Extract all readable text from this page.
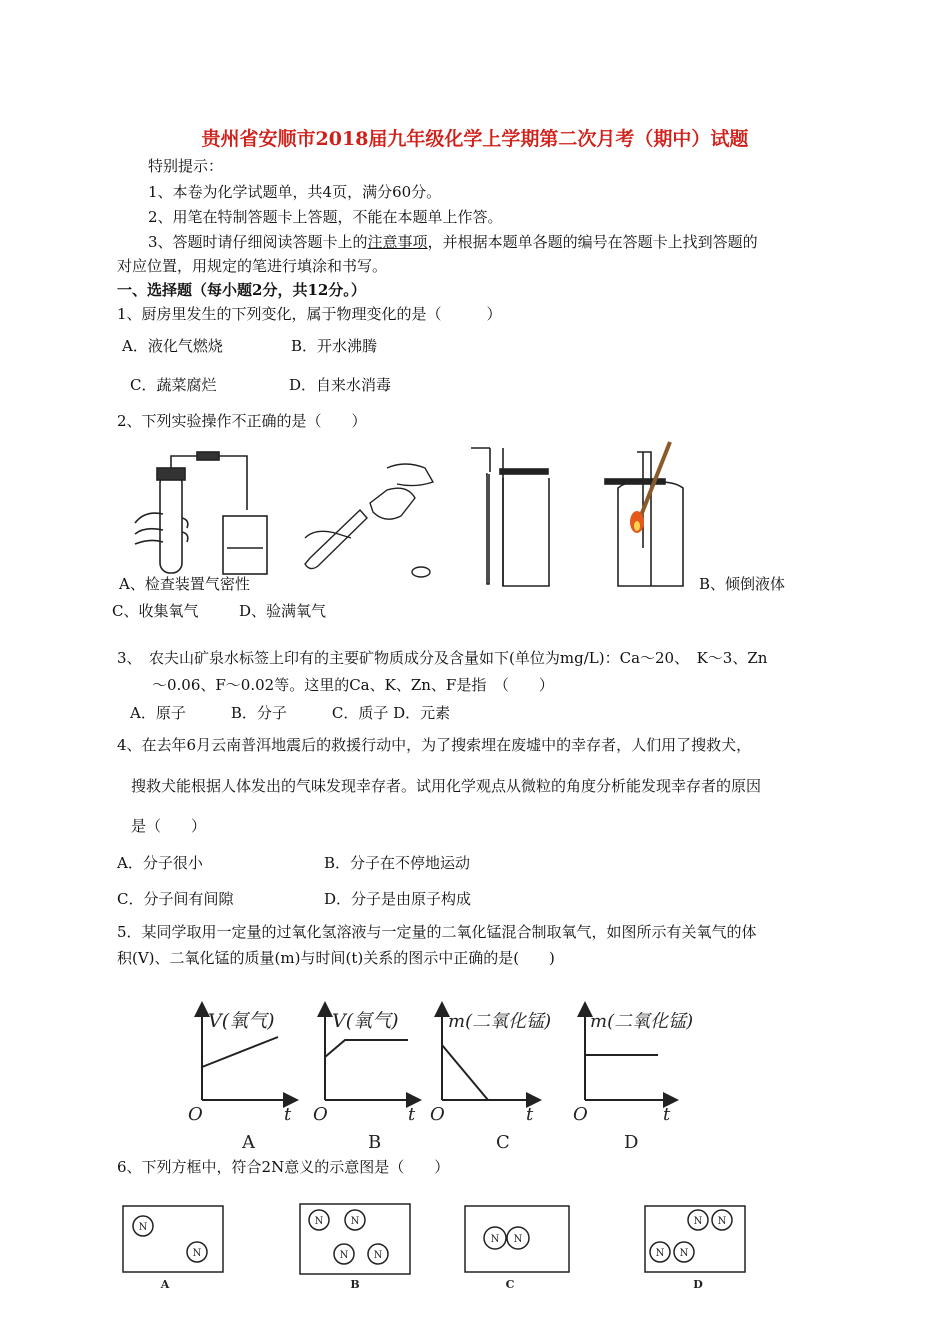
贵州省安顺市2018届九年级化学上学期第二次月考（期中）试题
特别提示：
1、本卷为化学试题单，共4页，满分60分。
2、用笔在特制答题卡上答题，不能在本题单上作答。
3、答题时请仔细阅读答题卡上的注意事项，并根据本题单各题的编号在答题卡上找到答题的
对应位置，用规定的笔进行填涂和书写。
一、选择题（每小题2分，共12分。）
1、厨房里发生的下列变化，属于物理变化的是（　　　）
A．液化气燃烧	B．开水沸腾
C．蔬菜腐烂	D．自来水消毒
2、下列实验操作不正确的是（　　）
A、检查装置气密性	B、倾倒液体
C、收集氧气	D、验满氧气
3、　农夫山矿泉水标签上印有的主要矿物质成分及含量如下(单位为mg/L)：Ca～20、　K～3、Zn
～0.06、F～0.02等。这里的Ca、K、Zn、F是指　（　　）
A．原子　　　B．分子　　　C．质子 D．元素
4、在去年6月云南普洱地震后的救援行动中，为了搜索埋在废墟中的幸存者，人们用了搜救犬，
搜救犬能根据人体发出的气味发现幸存者。试用化学观点从微粒的角度分析能发现幸存者的原因
是（　　）
A．分子很小	B．分子在不停地运动
C．分子间有间隙	D．分子是由原子构成
5．某同学取用一定量的过氧化氢溶液与一定量的二氧化锰混合制取氧气，如图所示有关氧气的体
积(V)、二氧化锰的质量(m)与时间(t)关系的图示中正确的是(　　)
V(氧气)
O	t
A
V(氧气)
O	t
B
m(二氧化锰)
O	t
C
m(二氧化锰)
O	t
D
6、下列方框中，符合2N意义的示意图是（　　）
N
N
A
N	N
N	N
B
N N
C
N N
N N
D
